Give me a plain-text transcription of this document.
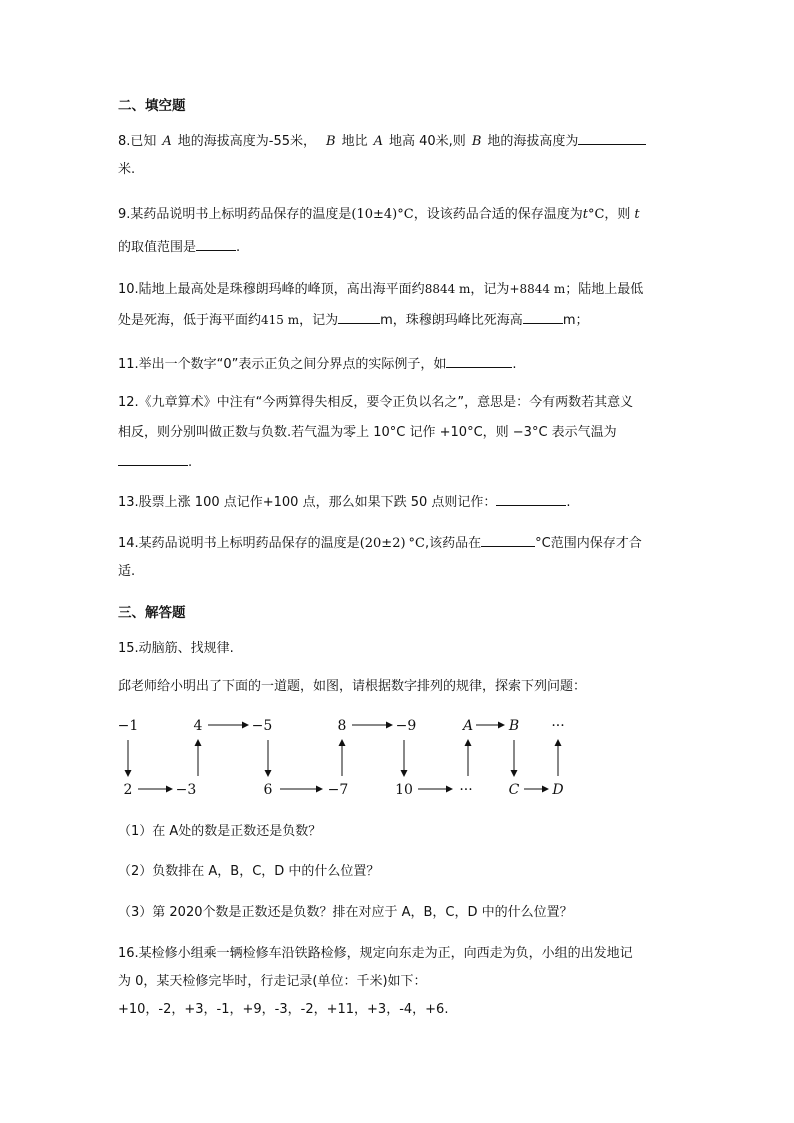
二、填空题
8.已知 A 地的海拔高度为-55米， B 地比 A 地高 40米,则 B 地的海拔高度为
米.
9.某药品说明书上标明药品保存的温度是(10±4)°C，设该药品合适的保存温度为t°C，则 t
的取值范围是	.
10.陆地上最高处是珠穆朗玛峰的峰顶，高出海平面约8844 m，记为+8844 m；陆地上最低
处是死海，低于海平面约415 m，记为	m，珠穆朗玛峰比死海高	m；
11.举出一个数字“0”表示正负之间分界点的实际例子，如	.
12.《九章算术》中注有“今两算得失相反，要令正负以名之”，意思是：今有两数若其意义
相反，则分别叫做正数与负数.若气温为零上 10°C 记作 +10°C，则 −3°C 表示气温为
.
13.股票上涨 100 点记作+100 点，那么如果下跌 50 点则记作：	.
14.某药品说明书上标明药品保存的温度是(20±2) °C,该药品在	°C范围内保存才合
适.
三、解答题
15.动脑筋、找规律.
邱老师给小明出了下面的一道题，如图，请根据数字排列的规律，探索下列问题：
−1	4	−5	8	−9	A	B ···
2	−3	6	−7	10	···	C D
（1）在 A处的数是正数还是负数？
（2）负数排在 A，B，C，D 中的什么位置？
（3）第 2020个数是正数还是负数？排在对应于 A，B，C，D 中的什么位置？
16.某检修小组乘一辆检修车沿铁路检修，规定向东走为正，向西走为负，小组的出发地记
为 0，某天检修完毕时，行走记录(单位：千米)如下：
+10，-2，+3，-1，+9，-3，-2，+11，+3，-4，+6.
